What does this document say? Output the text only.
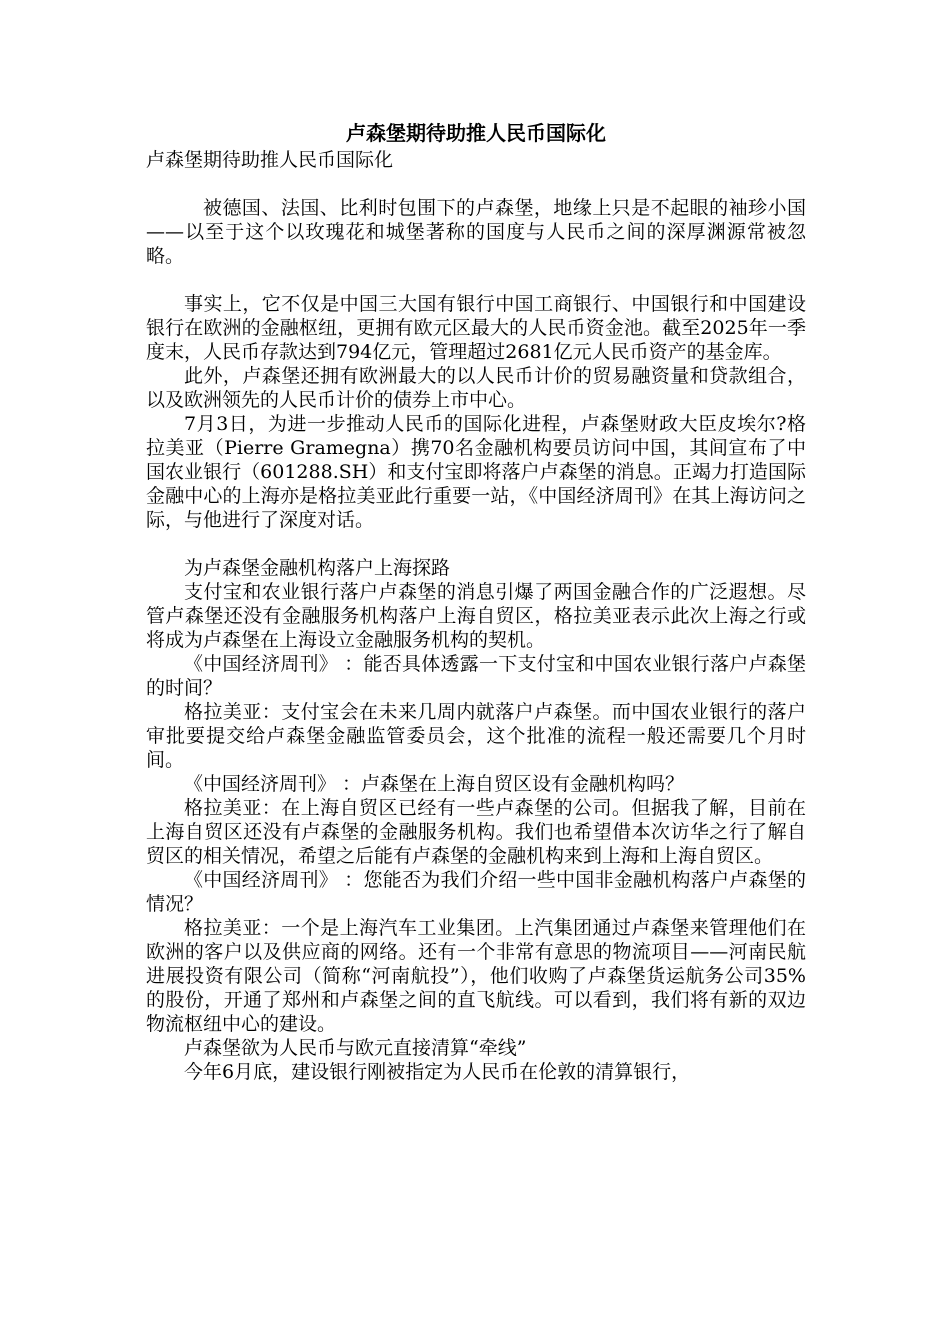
卢森堡期待助推人民币国际化

卢森堡期待助推人民币国际化

被德国、法国、比利时包围下的卢森堡，地缘上只是不起眼的袖珍小国——以至于这个以玫瑰花和城堡著称的国度与人民币之间的深厚渊源常被忽略。

事实上，它不仅是中国三大国有银行中国工商银行、中国银行和中国建设银行在欧洲的金融枢纽，更拥有欧元区最大的人民币资金池。截至2025年一季度末，人民币存款达到794亿元，管理超过2681亿元人民币资产的基金库。

此外，卢森堡还拥有欧洲最大的以人民币计价的贸易融资量和贷款组合，以及欧洲领先的人民币计价的债券上市中心。

7月3日，为进一步推动人民币的国际化进程，卢森堡财政大臣皮埃尔?格拉美亚（Pierre Gramegna）携70名金融机构要员访问中国，其间宣布了中国农业银行（601288.SH）和支付宝即将落户卢森堡的消息。正竭力打造国际金融中心的上海亦是格拉美亚此行重要一站，《中国经济周刊》在其上海访问之际，与他进行了深度对话。

为卢森堡金融机构落户上海探路

支付宝和农业银行落户卢森堡的消息引爆了两国金融合作的广泛遐想。尽管卢森堡还没有金融服务机构落户上海自贸区，格拉美亚表示此次上海之行或将成为卢森堡在上海设立金融服务机构的契机。

《中国经济周刊》 ：能否具体透露一下支付宝和中国农业银行落户卢森堡的时间？

格拉美亚：支付宝会在未来几周内就落户卢森堡。而中国农业银行的落户审批要提交给卢森堡金融监管委员会，这个批准的流程一般还需要几个月时间。

《中国经济周刊》 ：卢森堡在上海自贸区设有金融机构吗？

格拉美亚：在上海自贸区已经有一些卢森堡的公司。但据我了解，目前在上海自贸区还没有卢森堡的金融服务机构。我们也希望借本次访华之行了解自贸区的相关情况，希望之后能有卢森堡的金融机构来到上海和上海自贸区。

《中国经济周刊》 ：您能否为我们介绍一些中国非金融机构落户卢森堡的情况？

格拉美亚：一个是上海汽车工业集团。上汽集团通过卢森堡来管理他们在欧洲的客户以及供应商的网络。还有一个非常有意思的物流项目——河南民航进展投资有限公司（简称“河南航投”），他们收购了卢森堡货运航务公司35%的股份，开通了郑州和卢森堡之间的直飞航线。可以看到，我们将有新的双边物流枢纽中心的建设。

卢森堡欲为人民币与欧元直接清算“牵线”

今年6月底，建设银行刚被指定为人民币在伦敦的清算银行，
